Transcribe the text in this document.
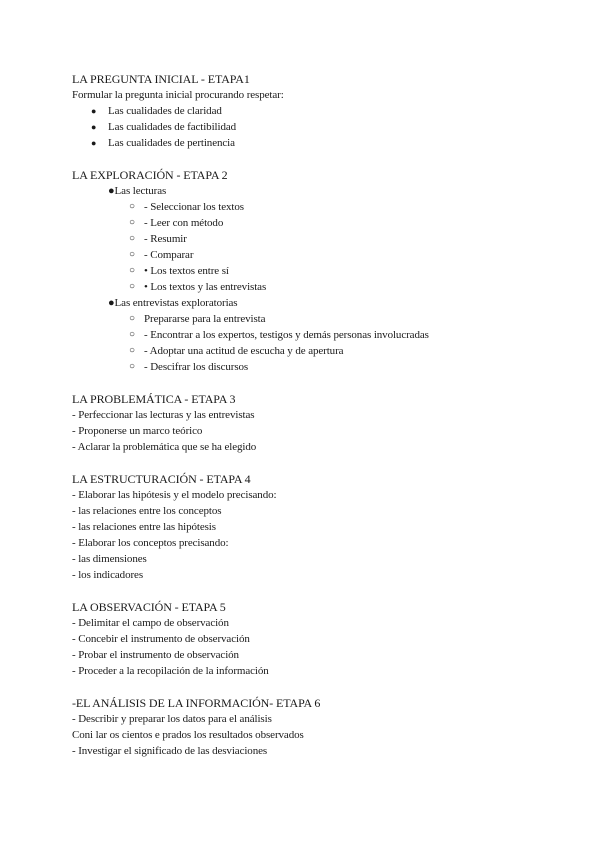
LA PREGUNTA INICIAL - ETAPA1
Formular la pregunta inicial procurando respetar:
● Las cualidades de claridad
● Las cualidades de factibilidad
● Las cualidades de pertinencia
LA EXPLORACIÓN - ETAPA 2
●Las lecturas
○ - Seleccionar los textos
○ - Leer con método
○ - Resumir
○ - Comparar
○ • Los textos entre sí
○ • Los textos y las entrevistas
●Las entrevistas exploratorias
○ Prepararse para la entrevista
○ - Encontrar a los expertos, testigos y demás personas involucradas
○ - Adoptar una actitud de escucha y de apertura
○ - Descifrar los discursos
LA PROBLEMÁTICA - ETAPA 3
- Perfeccionar las lecturas y las entrevistas
- Proponerse un marco teórico
- Aclarar la problemática que se ha elegido
LA ESTRUCTURACIÓN - ETAPA 4
- Elaborar las hipótesis y el modelo precisando:
- las relaciones entre los conceptos
- las relaciones entre las hipótesis
- Elaborar los conceptos precisando:
- las dimensiones
- los indicadores
LA OBSERVACIÓN - ETAPA 5
- Delimitar el campo de observación
- Concebir el instrumento de observación
- Probar el instrumento de observación
- Proceder a la recopilación de la información
-EL ANÁLISIS DE LA INFORMACIÓN- ETAPA 6
- Describir y preparar los datos para el análisis
Coni lar os cientos e prados los resultados observados
- Investigar el significado de las desviaciones
